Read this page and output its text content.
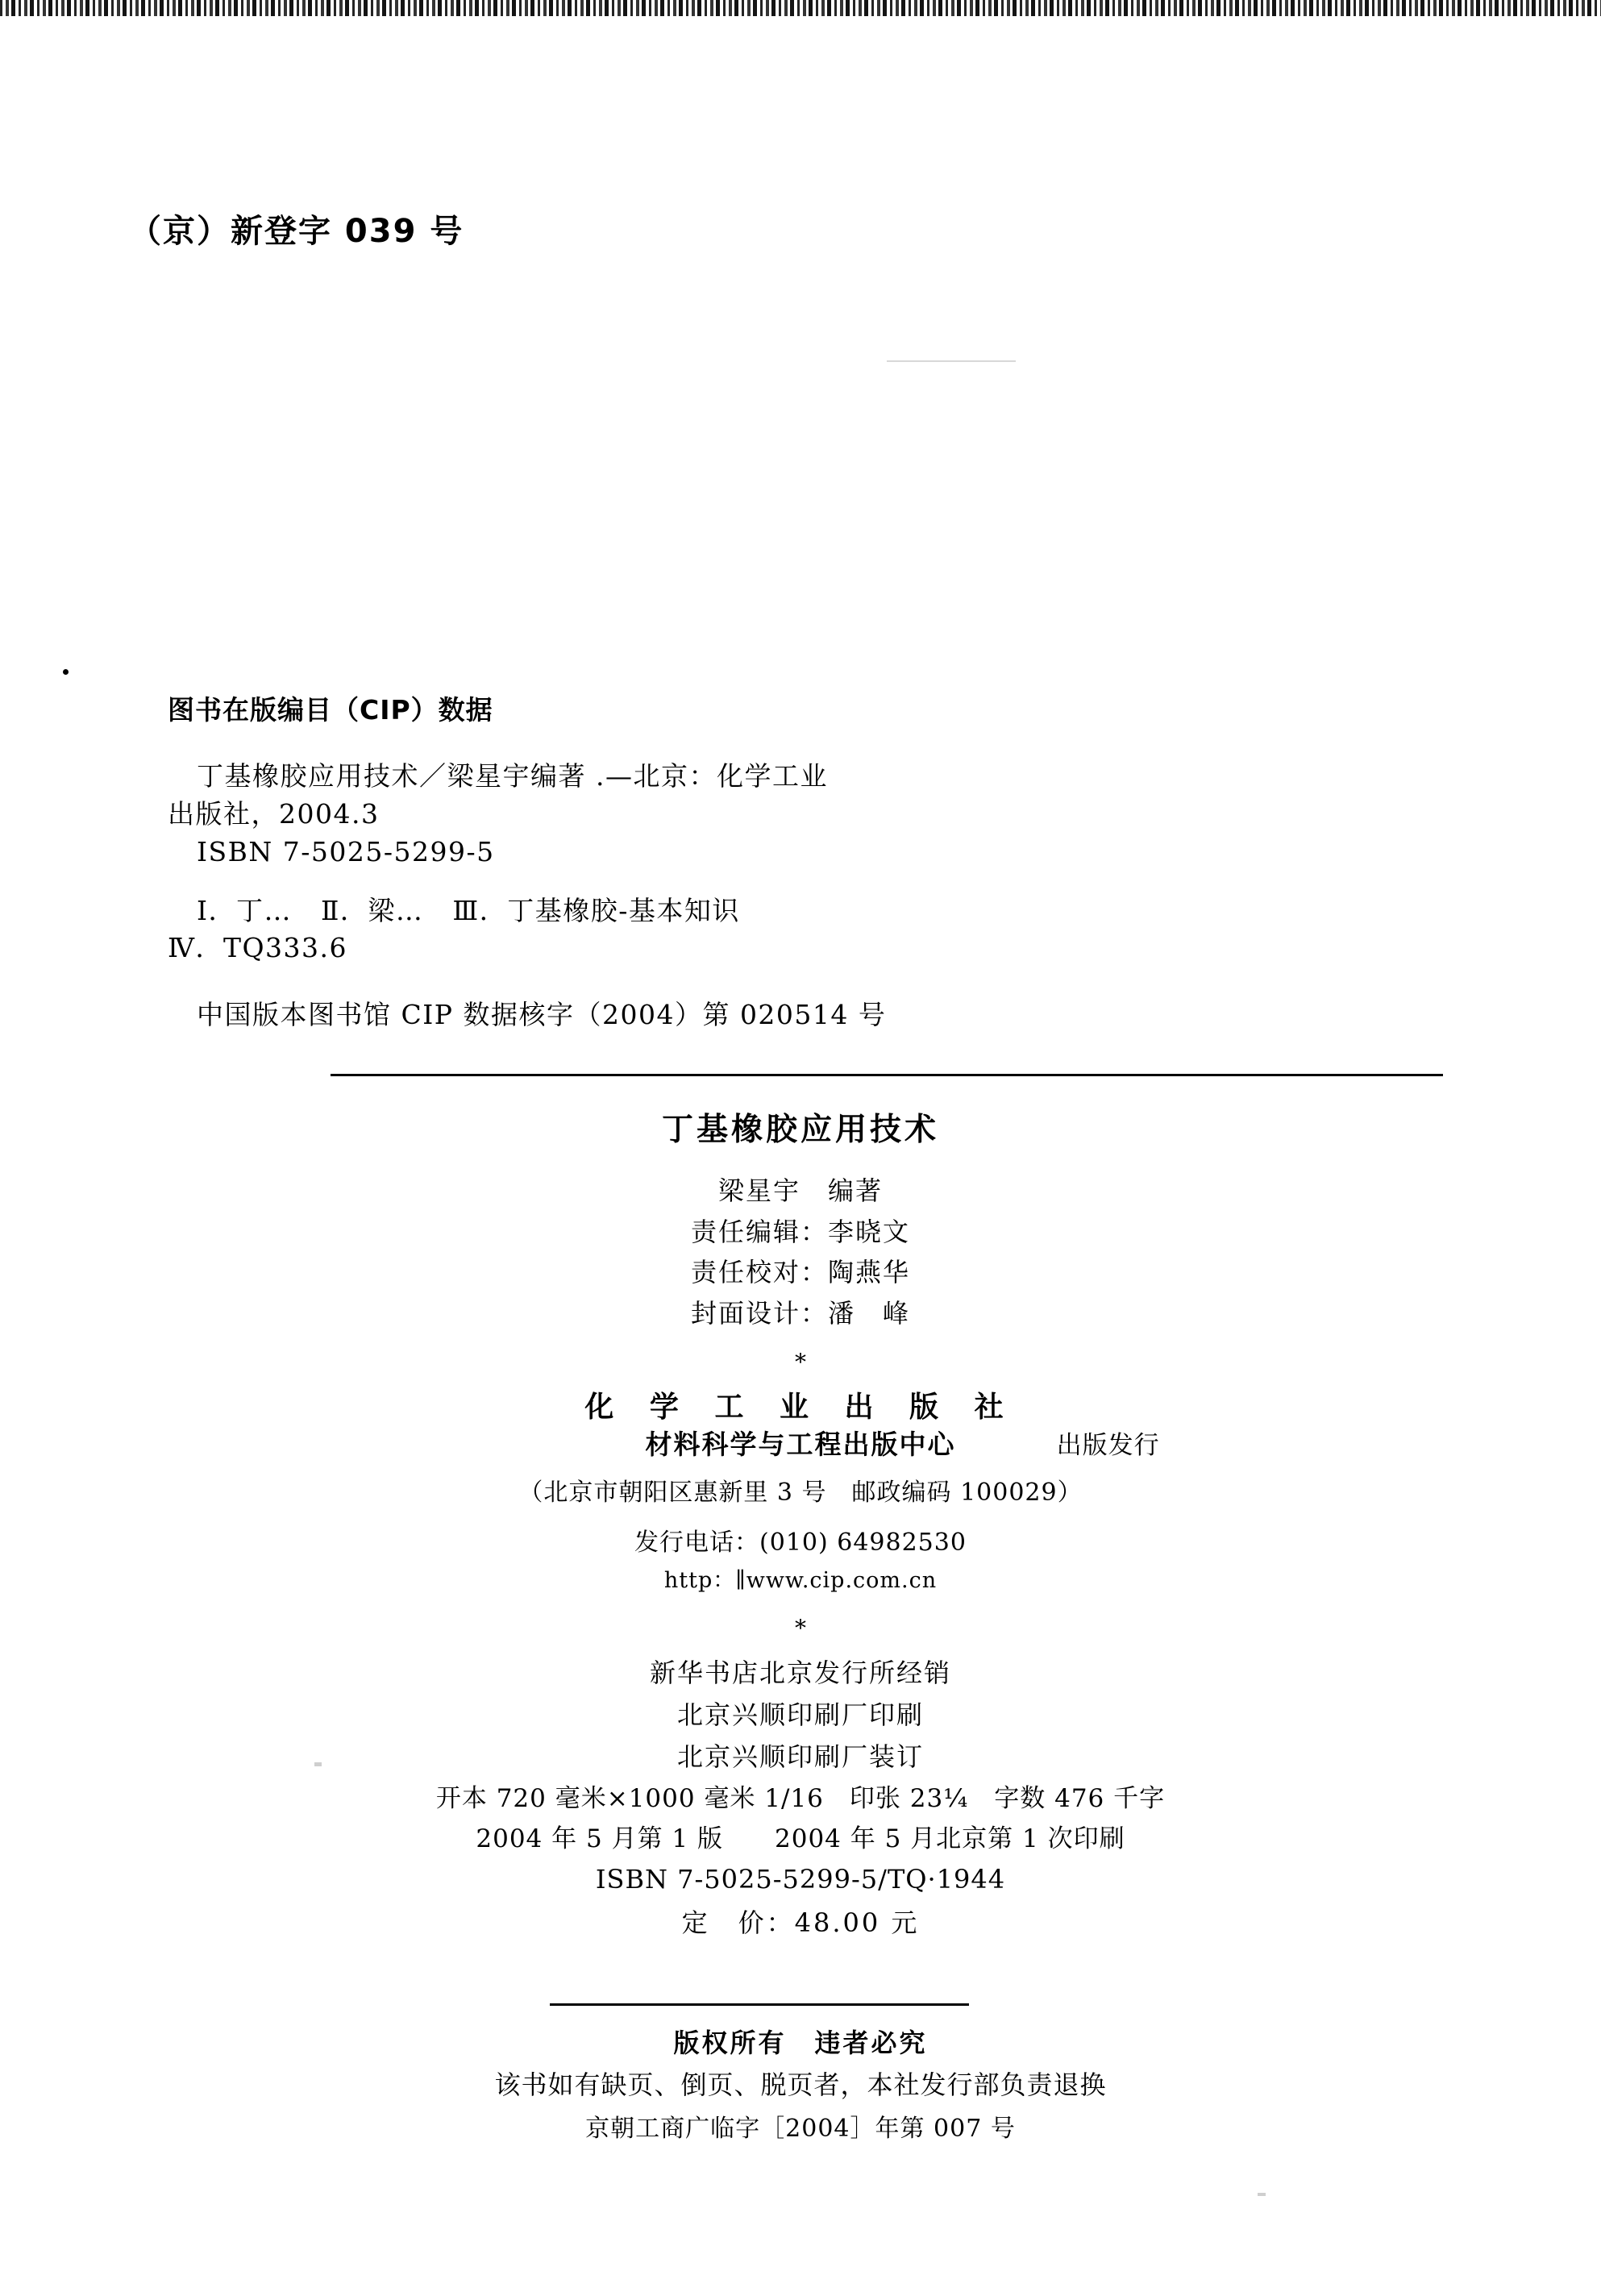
（京）新登字 039 号
图书在版编目（CIP）数据
丁基橡胶应用技术／梁星宇编著 .—北京：化学工业
出版社，2004.3
ISBN 7-5025-5299-5
Ⅰ．丁…   Ⅱ．梁…   Ⅲ．丁基橡胶-基本知识
Ⅳ．TQ333.6
中国版本图书馆 CIP 数据核字（2004）第 020514 号
丁基橡胶应用技术
梁星宇　编著
责任编辑：李晓文
责任校对：陶燕华
封面设计：潘　峰
*
化 学 工 业 出 版 社
材料科学与工程出版中心	出版发行
（北京市朝阳区惠新里 3 号　邮政编码 100029）
发行电话：(010) 64982530
http：∥www.cip.com.cn
*
新华书店北京发行所经销
北京兴顺印刷厂印刷
北京兴顺印刷厂装订
开本 720 毫米×1000 毫米 1/16　印张 23¼　字数 476 千字
2004 年 5 月第 1 版　　2004 年 5 月北京第 1 次印刷
ISBN 7-5025-5299-5/TQ·1944
定　价：48.00 元
版权所有　违者必究
该书如有缺页、倒页、脱页者，本社发行部负责退换
京朝工商广临字［2004］年第 007 号
